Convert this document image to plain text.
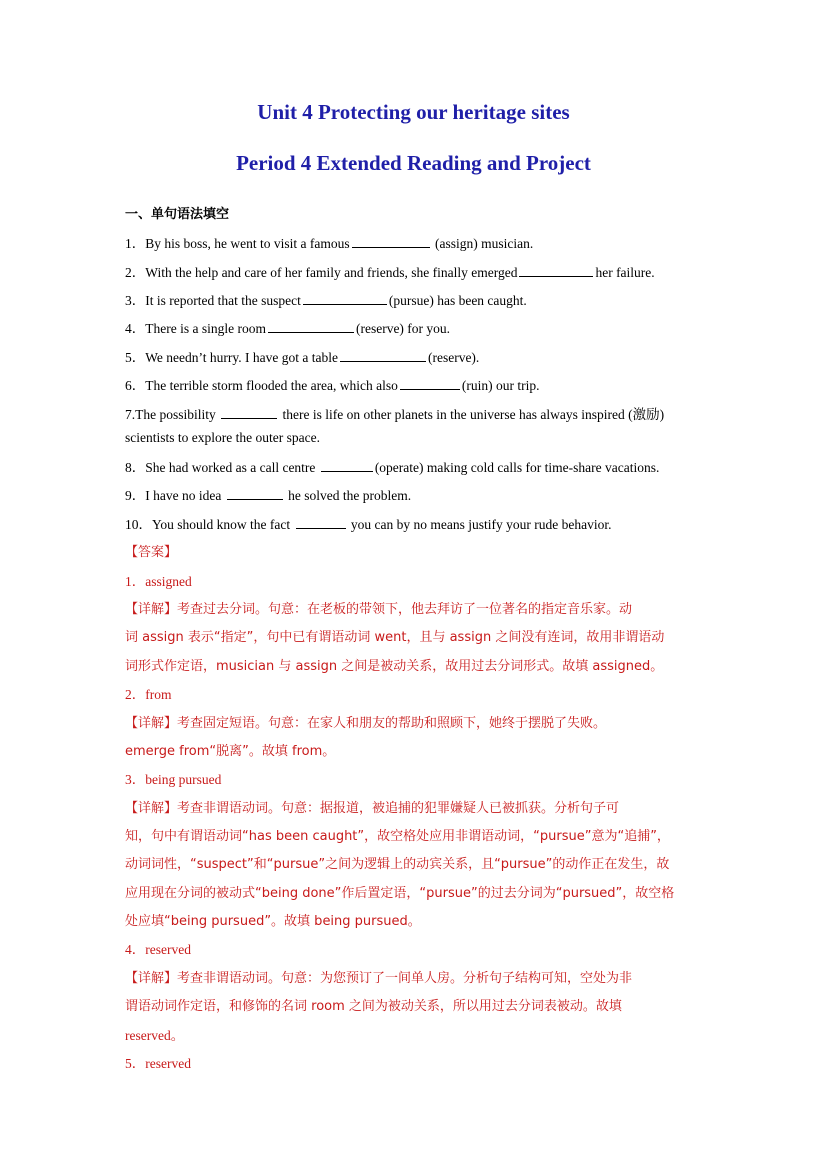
Unit 4 Protecting our heritage sites
Period 4 Extended Reading and Project
一、单句语法填空
1．By his boss, he went to visit a famous	(assign) musician.
2．With the help and care of her family and friends, she finally emerged	her failure.
3．It is reported that the suspect	(pursue) has been caught.
4．There is a single room	(reserve) for you.
5．We needn’t hurry. I have got a table	(reserve).
6．The terrible storm flooded the area, which also	(ruin) our trip.
7.The possibility	there is life on other planets in the universe has always inspired (激励)
scientists to explore the outer space.
8．She had worked as a call centre	(operate) making cold calls for time-share vacations.
9．I have no idea	he solved the problem.
10．You should know the fact	you can by no means justify your rude behavior.
【答案】
1．assigned
【详解】考查过去分词。句意：在老板的带领下，他去拜访了一位著名的指定音乐家。动
词 assign 表示“指定”，句中已有谓语动词 went，且与 assign 之间没有连词，故用非谓语动
词形式作定语，musician 与 assign 之间是被动关系，故用过去分词形式。故填 assigned。
2．from
【详解】考查固定短语。句意：在家人和朋友的帮助和照顾下，她终于摆脱了失败。
emerge from“脱离”。故填 from。
3．being pursued
【详解】考查非谓语动词。句意：据报道，被追捕的犯罪嫌疑人已被抓获。分析句子可
知，句中有谓语动词“has been caught”，故空格处应用非谓语动词，“pursue”意为“追捕”，
动词词性，“suspect”和“pursue”之间为逻辑上的动宾关系，且“pursue”的动作正在发生，故
应用现在分词的被动式“being done”作后置定语，“pursue”的过去分词为“pursued”，故空格
处应填“being pursued”。故填 being pursued。
4．reserved
【详解】考查非谓语动词。句意：为您预订了一间单人房。分析句子结构可知，空处为非
谓语动词作定语，和修饰的名词 room 之间为被动关系，所以用过去分词表被动。故填
reserved。
5．reserved
